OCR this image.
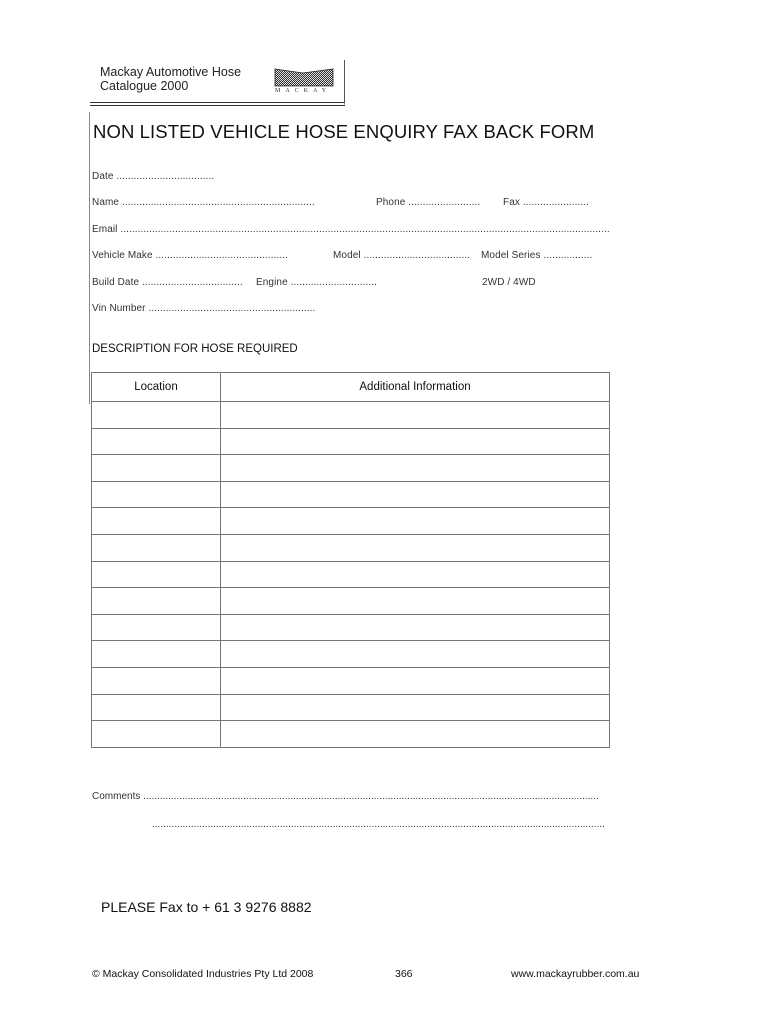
Mackay Automotive Hose
Catalogue 2000	MACKAY
NON LISTED VEHICLE HOSE ENQUIRY FAX BACK FORM
Date ..................................
Name ...................................................................	Phone ......................... Fax .......................
Email ..........................................................................................................................................................................
Vehicle Make ..............................................	Model ..................................... Model Series .................
Build Date ................................... Engine ..............................	2WD / 4WD
Vin Number ..........................................................
DESCRIPTION FOR HOSE REQUIRED
Location	Additional Information

Comments ....................................................................................................................................................................
...................................................................................................................................................................
PLEASE Fax to + 61 3 9276 8882
© Mackay Consolidated Industries Pty Ltd 2008	366	www.mackayrubber.com.au
